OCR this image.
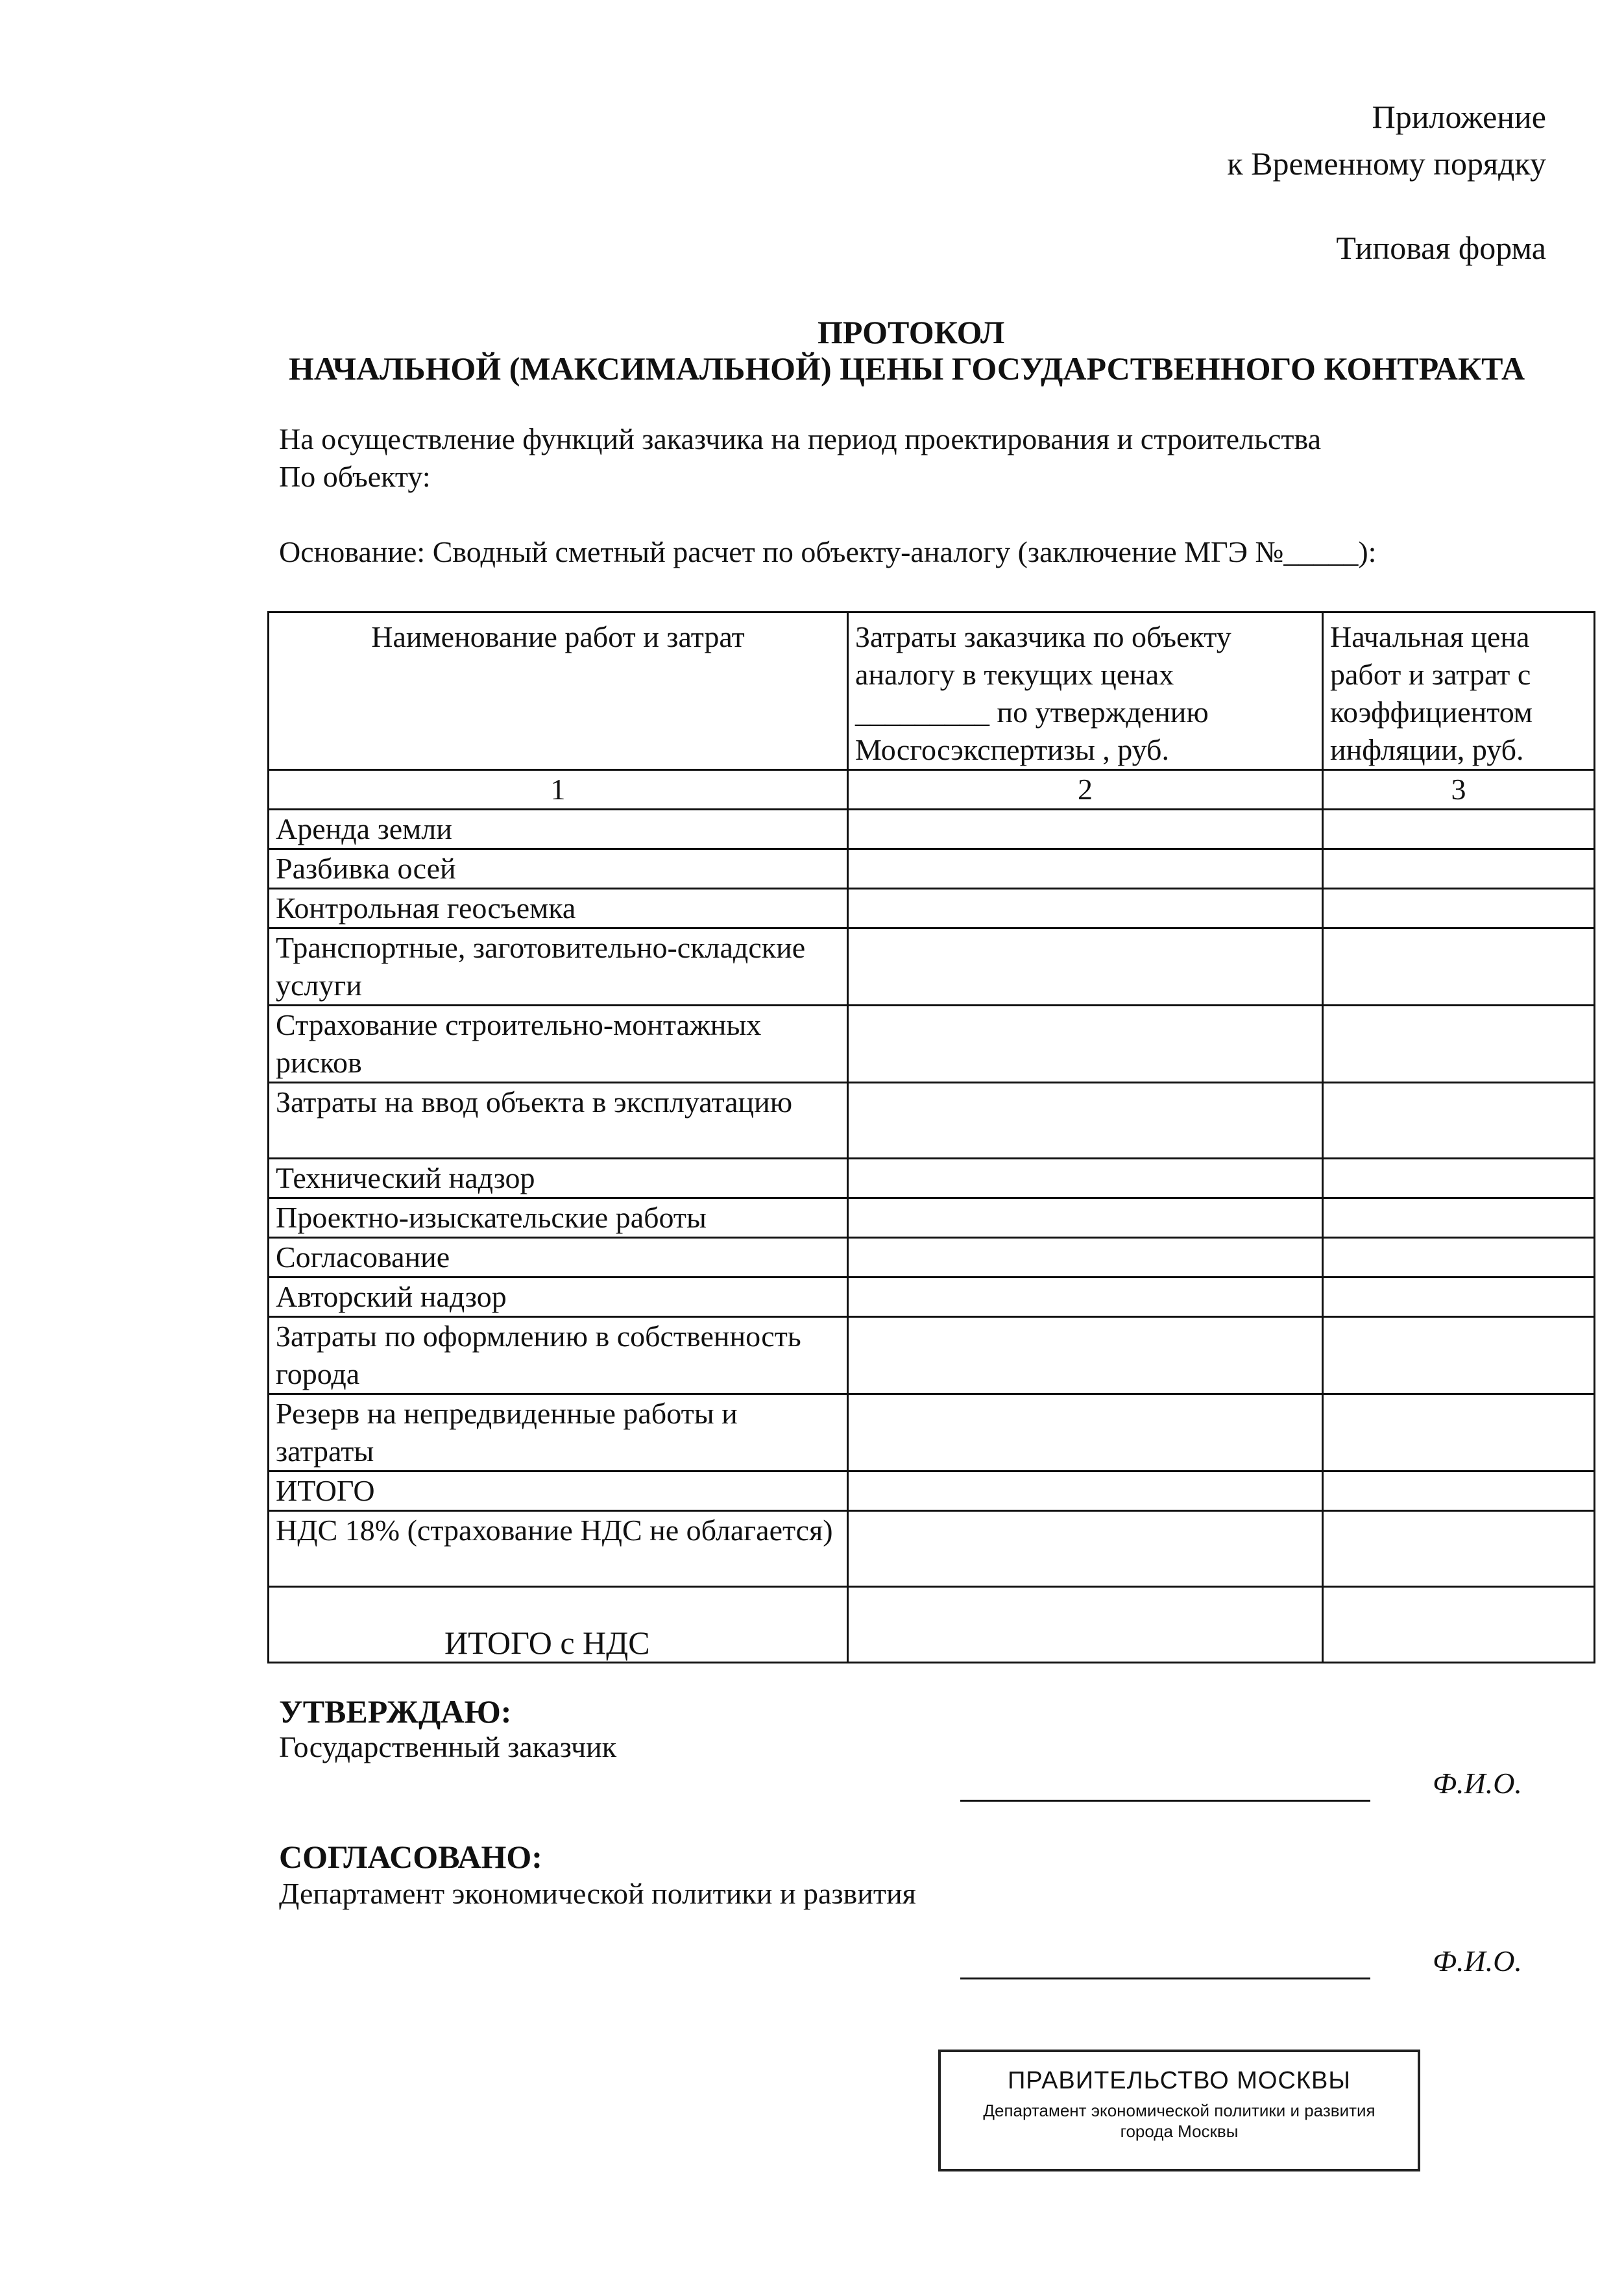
Приложение
к Временному порядку
Типовая форма
ПРОТОКОЛ
НАЧАЛЬНОЙ (МАКСИМАЛЬНОЙ) ЦЕНЫ ГОСУДАРСТВЕННОГО КОНТРАКТА
На осуществление функций заказчика на период проектирования и строительства
По объекту:
Основание: Сводный сметный расчет по объекту-аналогу (заключение МГЭ №_____):
Наименование работ и затрат	Затраты заказчика по объекту аналогу в текущих ценах _________ по утверждению Мосгосэкспертизы , руб.	Начальная цена работ и затрат с коэффициентом инфляции, руб.
1	2	3
Аренда земли		
Разбивка осей		
Контрольная геосъемка		
Транспортные, заготовительно-складские услуги		
Страхование строительно-монтажных рисков		
Затраты на ввод объекта в эксплуатацию		
Технический надзор		
Проектно-изыскательские работы		
Согласование		
Авторский надзор		
Затраты по оформлению в собственность города		
Резерв на непредвиденные работы и затраты		
ИТОГО		
НДС 18% (страхование НДС не облагается)		
ИТОГО с НДС		
УТВЕРЖДАЮ:
Государственный заказчик
Ф.И.О.
СОГЛАСОВАНО:
Департамент экономической политики и развития
Ф.И.О.
ПРАВИТЕЛЬСТВО МОСКВЫ
Департамент экономической политики и развития
города Москвы
